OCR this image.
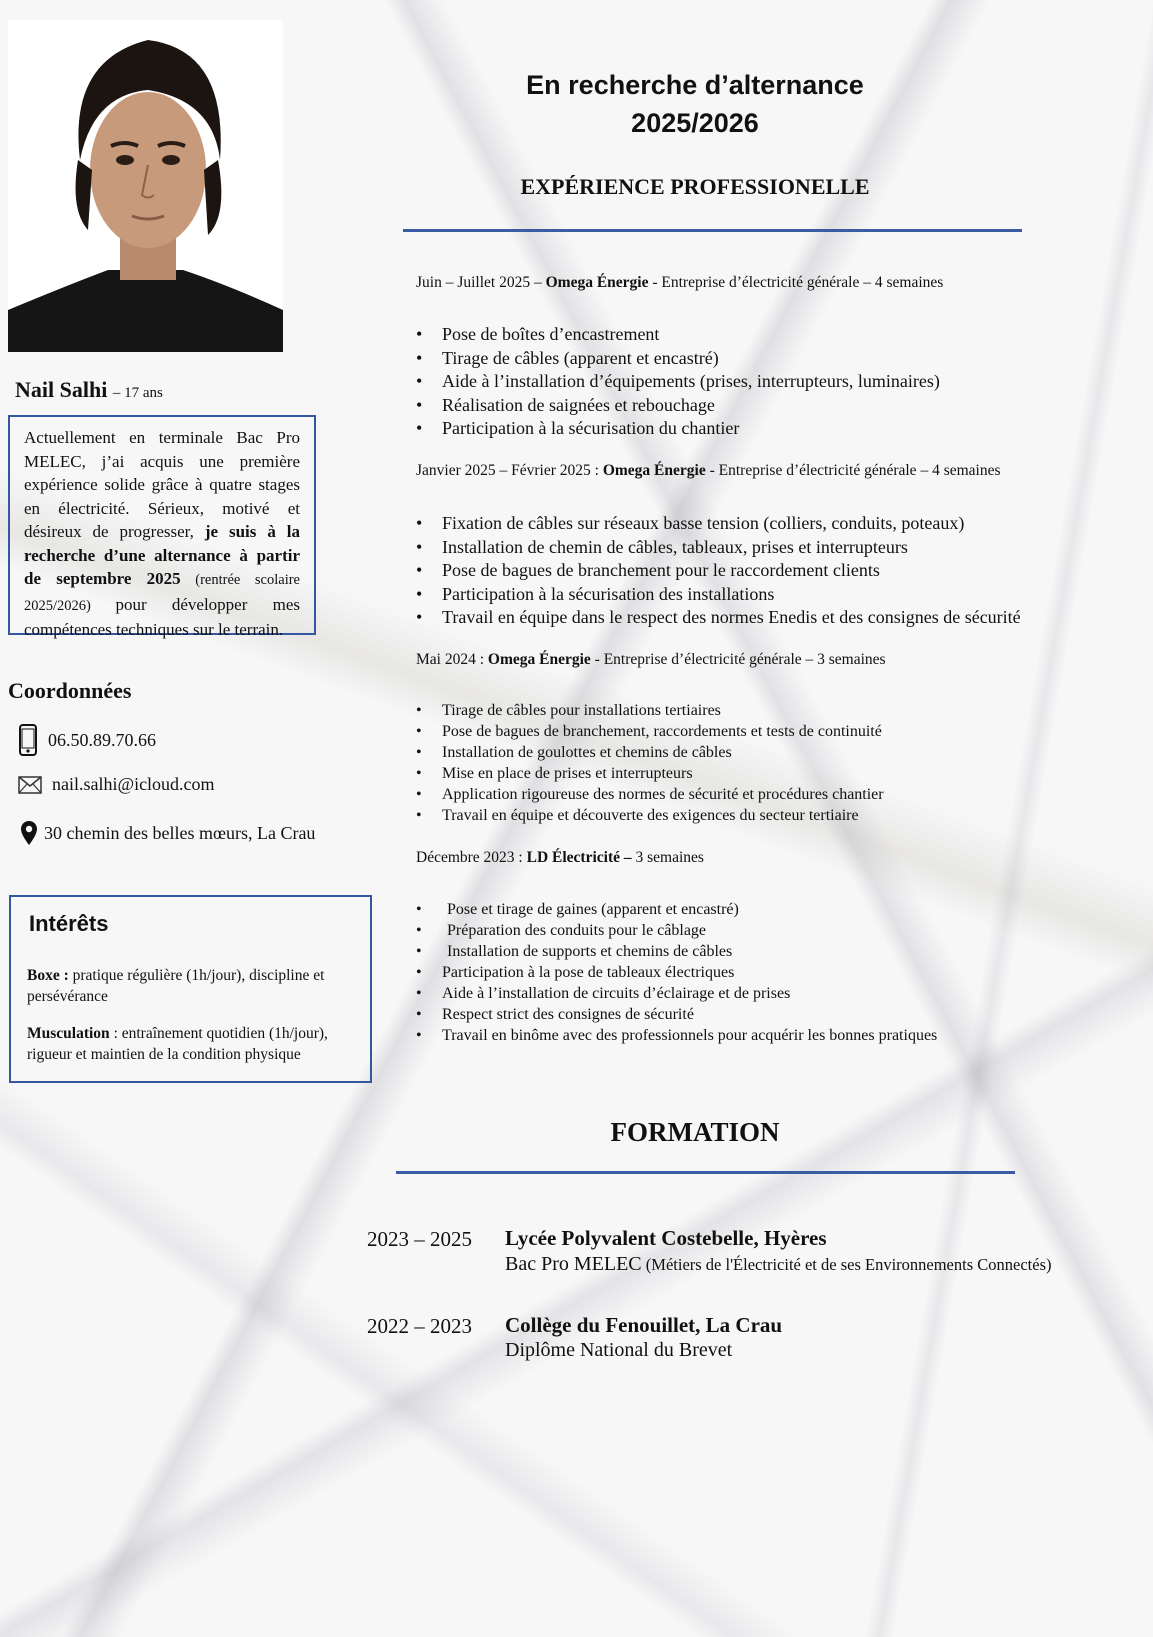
Nail Salhi – 17 ans
Actuellement en terminale Bac Pro MELEC, j’ai acquis une première expérience solide grâce à quatre stages en électricité. Sérieux, motivé et désireux de progresser, je suis à la recherche d’une alternance à partir de septembre 2025 (rentrée scolaire 2025/2026) pour développer mes compétences techniques sur le terrain.
Coordonnées
06.50.89.70.66
nail.salhi@icloud.com
30 chemin des belles mœurs, La Crau
Intérêts
Boxe : pratique régulière (1h/jour), discipline et persévérance
Musculation : entraînement quotidien (1h/jour), rigueur et maintien de la condition physique
En recherche d’alternance
2025/2026
EXPÉRIENCE PROFESSIONELLE
Juin – Juillet 2025 – Omega Énergie - Entreprise d’électricité générale – 4 semaines
• Pose de boîtes d’encastrement
• Tirage de câbles (apparent et encastré)
• Aide à l’installation d’équipements (prises, interrupteurs, luminaires)
• Réalisation de saignées et rebouchage
• Participation à la sécurisation du chantier
Janvier 2025 – Février 2025 : Omega Énergie - Entreprise d’électricité générale – 4 semaines
• Fixation de câbles sur réseaux basse tension (colliers, conduits, poteaux)
• Installation de chemin de câbles, tableaux, prises et interrupteurs
• Pose de bagues de branchement pour le raccordement clients
• Participation à la sécurisation des installations
• Travail en équipe dans le respect des normes Enedis et des consignes de sécurité
Mai 2024 : Omega Énergie - Entreprise d’électricité générale – 3 semaines
• Tirage de câbles pour installations tertiaires
• Pose de bagues de branchement, raccordements et tests de continuité
• Installation de goulottes et chemins de câbles
• Mise en place de prises et interrupteurs
• Application rigoureuse des normes de sécurité et procédures chantier
• Travail en équipe et découverte des exigences du secteur tertiaire
Décembre 2023 : LD Électricité – 3 semaines
• Pose et tirage de gaines (apparent et encastré)
• Préparation des conduits pour le câblage
• Installation de supports et chemins de câbles
• Participation à la pose de tableaux électriques
• Aide à l’installation de circuits d’éclairage et de prises
• Respect strict des consignes de sécurité
• Travail en binôme avec des professionnels pour acquérir les bonnes pratiques
FORMATION
2023 – 2025 Lycée Polyvalent Costebelle, Hyères
Bac Pro MELEC (Métiers de l'Électricité et de ses Environnements Connectés)
2022 – 2023 Collège du Fenouillet, La Crau
Diplôme National du Brevet
